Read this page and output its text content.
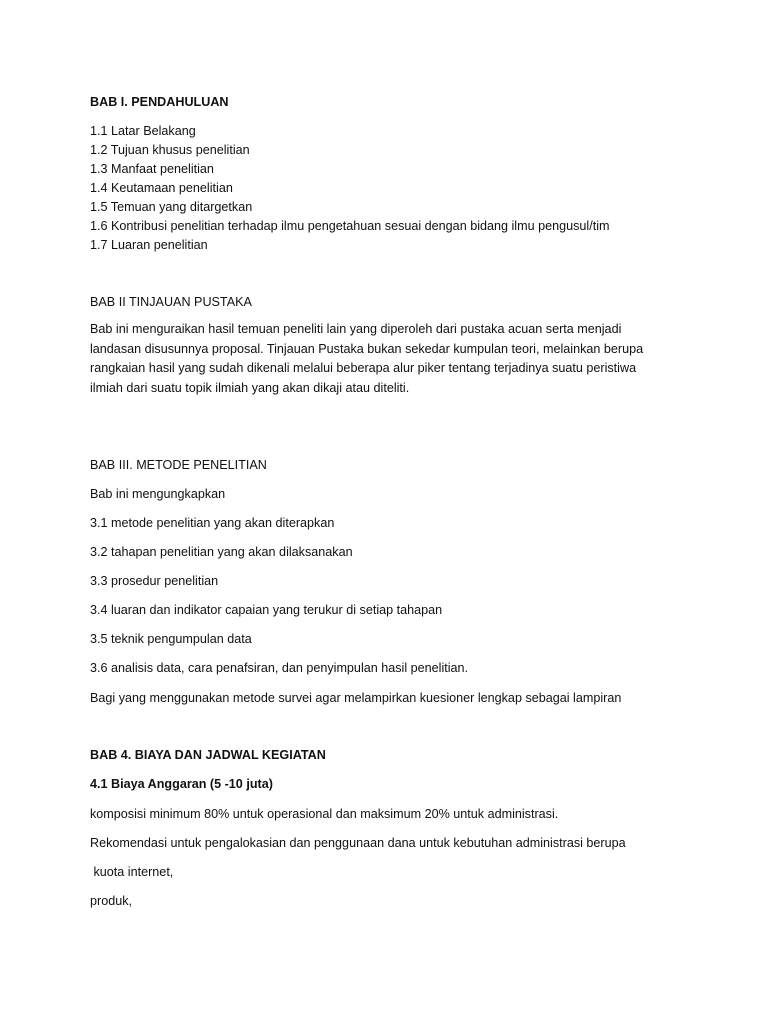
BAB I. PENDAHULUAN
1.1 Latar Belakang
1.2 Tujuan khusus penelitian
1.3 Manfaat penelitian
1.4 Keutamaan penelitian
1.5 Temuan yang ditargetkan
1.6 Kontribusi penelitian terhadap ilmu pengetahuan sesuai dengan bidang ilmu pengusul/tim
1.7 Luaran penelitian
BAB II TINJAUAN PUSTAKA
Bab ini menguraikan hasil temuan peneliti lain yang diperoleh dari pustaka acuan serta menjadi
landasan disusunnya proposal. Tinjauan Pustaka bukan sekedar kumpulan teori, melainkan berupa
rangkaian hasil yang sudah dikenali melalui beberapa alur piker tentang terjadinya suatu peristiwa
ilmiah dari suatu topik ilmiah yang akan dikaji atau diteliti.
BAB III. METODE PENELITIAN
Bab ini mengungkapkan
3.1 metode penelitian yang akan diterapkan
3.2 tahapan penelitian yang akan dilaksanakan
3.3 prosedur penelitian
3.4 luaran dan indikator capaian yang terukur di setiap tahapan
3.5 teknik pengumpulan data
3.6 analisis data, cara penafsiran, dan penyimpulan hasil penelitian.
Bagi yang menggunakan metode survei agar melampirkan kuesioner lengkap sebagai lampiran
BAB 4. BIAYA DAN JADWAL KEGIATAN
4.1 Biaya Anggaran (5 -10 juta)
komposisi minimum 80% untuk operasional dan maksimum 20% untuk administrasi.
Rekomendasi untuk pengalokasian dan penggunaan dana untuk kebutuhan administrasi berupa
kuota internet,
produk,
